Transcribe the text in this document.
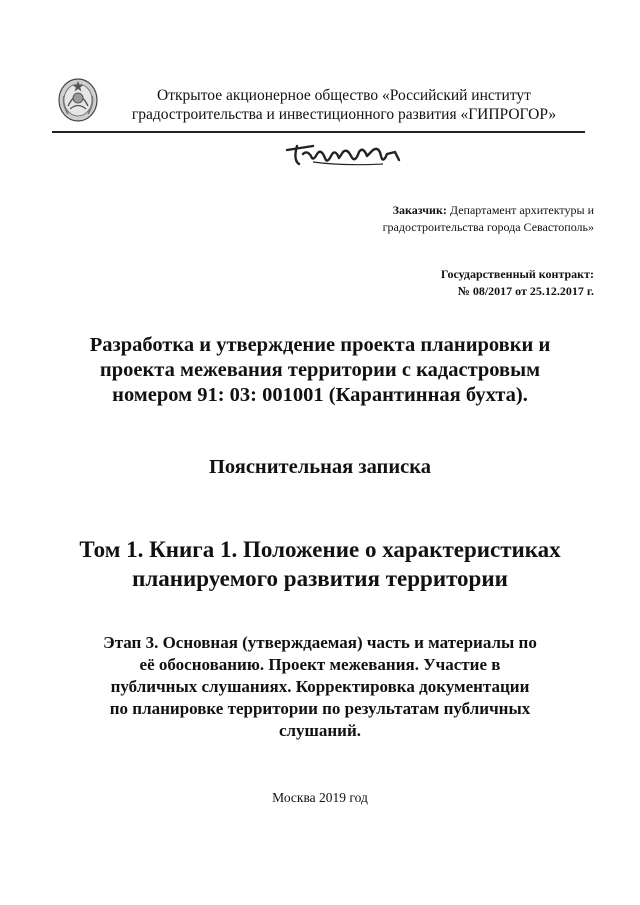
Открытое акционерное общество «Российский институт
градостроительства и инвестиционного развития «ГИПРОГОР»
Заказчик: Департамент архитектуры и
градостроительства города Севастополь»
Государственный контракт:
№ 08/2017 от 25.12.2017 г.
Разработка и утверждение проекта планировки и
проекта межевания территории с кадастровым
номером 91: 03: 001001 (Карантинная бухта).
Пояснительная записка
Том 1. Книга 1. Положение о характеристиках
планируемого развития территории
Этап 3. Основная (утверждаемая) часть и материалы по
её обоснованию. Проект межевания. Участие в
публичных слушаниях. Корректировка документации
по планировке территории по результатам публичных
слушаний.
Москва 2019 год
